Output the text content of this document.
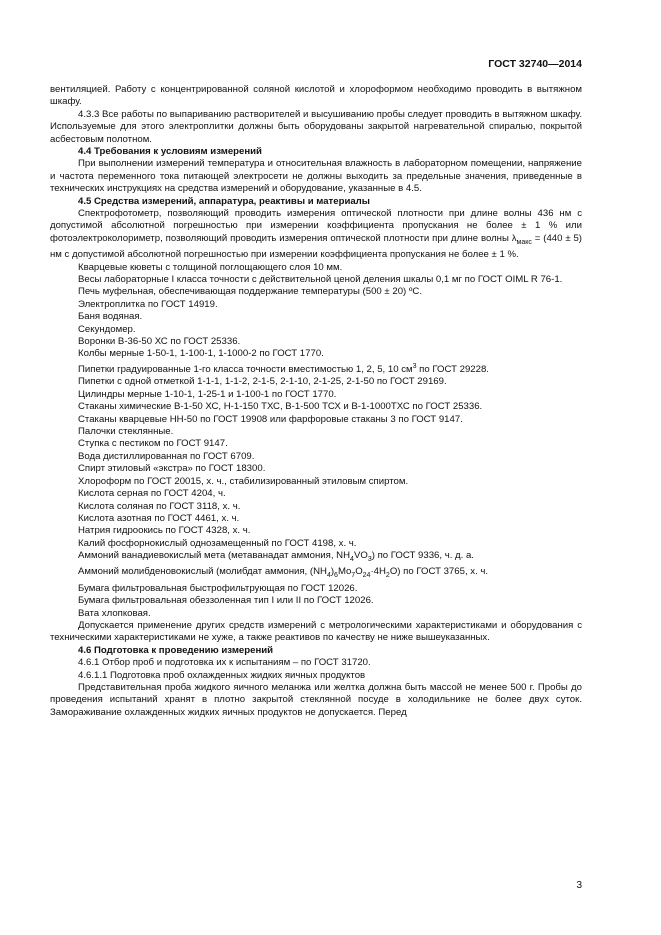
ГОСТ 32740—2014

вентиляцией. Работу с концентрированной соляной кислотой и хлороформом необходимо проводить в вытяжном шкафу.

4.3.3 Все работы по выпариванию растворителей и высушиванию пробы следует проводить в вытяжном шкафу. Используемые для этого электроплитки должны быть оборудованы закрытой нагревательной спиралью, покрытой асбестовым полотном.

4.4 Требования к условиям измерений

При выполнении измерений температура и относительная влажность в лабораторном помещении, напряжение и частота переменного тока питающей электросети не должны выходить за предельные значения, приведенные в технических инструкциях на средства измерений и оборудование, указанные в 4.5.

4.5 Средства измерений, аппаратура, реактивы и материалы

Спектрофотометр, позволяющий проводить измерения оптической плотности при длине волны 436 нм с допустимой абсолютной погрешностью при измерении коэффициента пропускания не более ± 1 % или фотоэлектроколориметр, позволяющий проводить измерения оптической плотности при длине волны $\lambda_{макс} = (440 \pm 5)$ нм с допустимой абсолютной погрешностью при измерении коэффициента пропускания не более ± 1 %.

Кварцевые кюветы с толщиной поглощающего слоя 10 мм.

Весы лабораторные I класса точности с действительной ценой деления шкалы 0,1 мг по ГОСТ OIML R 76-1.

Печь муфельная, обеспечивающая поддержание температуры (500 ± 20) ºС.

Электроплитка по ГОСТ 14919.

Баня водяная.

Секундомер.

Воронки В-36-50 ХС по ГОСТ 25336.

Колбы мерные 1-50-1, 1-100-1, 1-1000-2 по ГОСТ 1770.

Пипетки градуированные 1-го класса точности вместимостью 1, 2, 5, 10 $см^3$ по ГОСТ 29228.

Пипетки с одной отметкой 1-1-1, 1-1-2, 2-1-5, 2-1-10, 2-1-25, 2-1-50 по ГОСТ 29169.

Цилиндры мерные 1-10-1, 1-25-1 и 1-100-1 по ГОСТ 1770.

Стаканы химические В-1-50 ХС, Н-1-150 ТХС, В-1-500 ТСХ и В-1-1000ТХС по ГОСТ 25336.

Стаканы кварцевые НН-50 по ГОСТ 19908 или фарфоровые стаканы 3 по ГОСТ 9147.

Палочки стеклянные.

Ступка с пестиком по ГОСТ 9147.

Вода дистиллированная по ГОСТ 6709.

Спирт этиловый «экстра» по ГОСТ 18300.

Хлороформ по ГОСТ 20015, х. ч., стабилизированный этиловым спиртом.

Кислота серная по ГОСТ 4204, ч.

Кислота соляная по ГОСТ 3118, х. ч.

Кислота азотная по ГОСТ 4461, х. ч.

Натрия гидроокись по ГОСТ 4328, х. ч.

Калий фосфорнокислый однозамещенный по ГОСТ 4198, х. ч.

Аммоний ванадиевокислый мета (метаванадат аммония, $NH_4VO_3$) по ГОСТ 9336, ч. д. а.

Аммоний молибденовокислый (молибдат аммония, $(NH_4)_6Mo_7O_{24}\cdot 4H_2O$) по ГОСТ 3765, х. ч.

Бумага фильтровальная быстрофильтрующая по ГОСТ 12026.

Бумага фильтровальная обеззоленная тип I или II по ГОСТ 12026.

Вата хлопковая.

Допускается применение других средств измерений с метрологическими характеристиками и оборудования с техническими характеристиками не хуже, а также реактивов по качеству не ниже вышеуказанных.

4.6 Подготовка к проведению измерений

4.6.1 Отбор проб и подготовка их к испытаниям – по ГОСТ 31720.

4.6.1.1 Подготовка проб охлажденных жидких яичных продуктов

Представительная проба жидкого яичного меланжа или желтка должна быть массой не менее 500 г. Пробы до проведения испытаний хранят в плотно закрытой стеклянной посуде в холодильнике не более двух суток. Замораживание охлажденных жидких яичных продуктов не допускается. Перед

3
